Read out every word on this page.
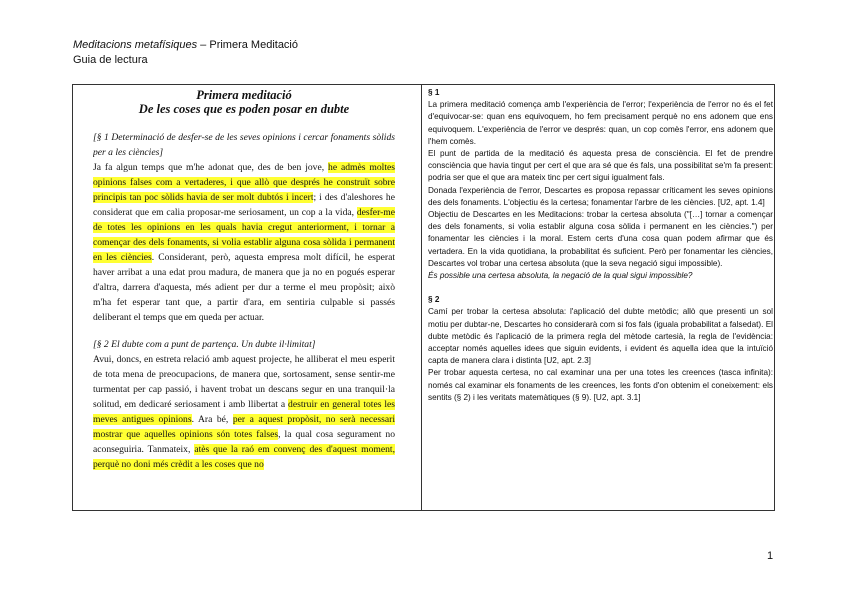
Meditacions metafísiques – Primera Meditació
Guia de lectura
Primera meditació
De les coses que es poden posar en dubte
[§ 1 Determinació de desfer-se de les seves opinions i cercar fonaments sòlids per a les ciències]

Ja fa algun temps que m'he adonat que, des de ben jove, he admès moltes opinions falses com a vertaderes, i que allò que després he construït sobre principis tan poc sòlids havia de ser molt dubtós i incert; i des d'aleshores he considerat que em calia proposar-me seriosament, un cop a la vida, desfer-me de totes les opinions en les quals havia cregut anteriorment, i tornar a començar des dels fonaments, si volia establir alguna cosa sòlida i permanent en les ciències. Considerant, però, aquesta empresa molt difícil, he esperat haver arribat a una edat prou madura, de manera que ja no en pogués esperar d'altra, darrera d'aquesta, més adient per dur a terme el meu propòsit; això m'ha fet esperar tant que, a partir d'ara, em sentiria culpable si passés deliberant el temps que em queda per actuar.

[§ 2 El dubte com a punt de partença. Un dubte il·limitat]

Avui, doncs, en estreta relació amb aquest projecte, he alliberat el meu esperit de tota mena de preocupacions, de manera que, sortosament, sense sentir-me turmentat per cap passió, i havent trobat un descans segur en una tranquil·la solitud, em dedicaré seriosament i amb llibertat a destruir en general totes les meves antigues opinions. Ara bé, per a aquest propòsit, no serà necessari mostrar que aquelles opinions són totes falses, la qual cosa segurament no aconseguiria. Tanmateix, atès que la raó em convenç des d'aquest moment, perquè no doni més crèdit a les coses que no

§ 1

La primera meditació comença amb l'experiència de l'error; l'experiència de l'error no és el fet d'equivocar-se: quan ens equivoquem, ho fem precisament perquè no ens adonem que ens equivoquem. L'experiència de l'error ve després: quan, un cop comès l'error, ens adonem que l'hem comès.

El punt de partida de la meditació és aquesta presa de consciència. El fet de prendre consciència que havia tingut per cert el que ara sé que és fals, una possibilitat se'm fa present: podria ser que el que ara mateix tinc per cert sigui igualment fals.

Donada l'experiència de l'error, Descartes es proposa repassar críticament les seves opinions des dels fonaments. L'objectiu és la certesa; fonamentar l'arbre de les ciències. [U2, apt. 1.4]

Objectiu de Descartes en les Meditacions: trobar la certesa absoluta ("[…] tornar a començar des dels fonaments, si volia establir alguna cosa sòlida i permanent en les ciències.") per fonamentar les ciències i la moral. Estem certs d'una cosa quan podem afirmar que és vertadera. En la vida quotidiana, la probabilitat és suficient. Però per fonamentar les ciències, Descartes vol trobar una certesa absoluta (que la seva negació sigui impossible).

És possible una certesa absoluta, la negació de la qual sigui impossible?

§ 2

Camí per trobar la certesa absoluta: l'aplicació del dubte metòdic; allò que presenti un sol motiu per dubtar-ne, Descartes ho considerarà com si fos fals (iguala probabilitat a falsedat). El dubte metòdic és l'aplicació de la primera regla del mètode cartesià, la regla de l'evidència: acceptar només aquelles idees que siguin evidents, i evident és aquella idea que la intuïció capta de manera clara i distinta [U2, apt. 2.3]

Per trobar aquesta certesa, no cal examinar una per una totes les creences (tasca infinita): només cal examinar els fonaments de les creences, les fonts d'on obtenim el coneixement: els sentits (§ 2) i les veritats matemàtiques (§ 9). [U2, apt. 3.1]

1
